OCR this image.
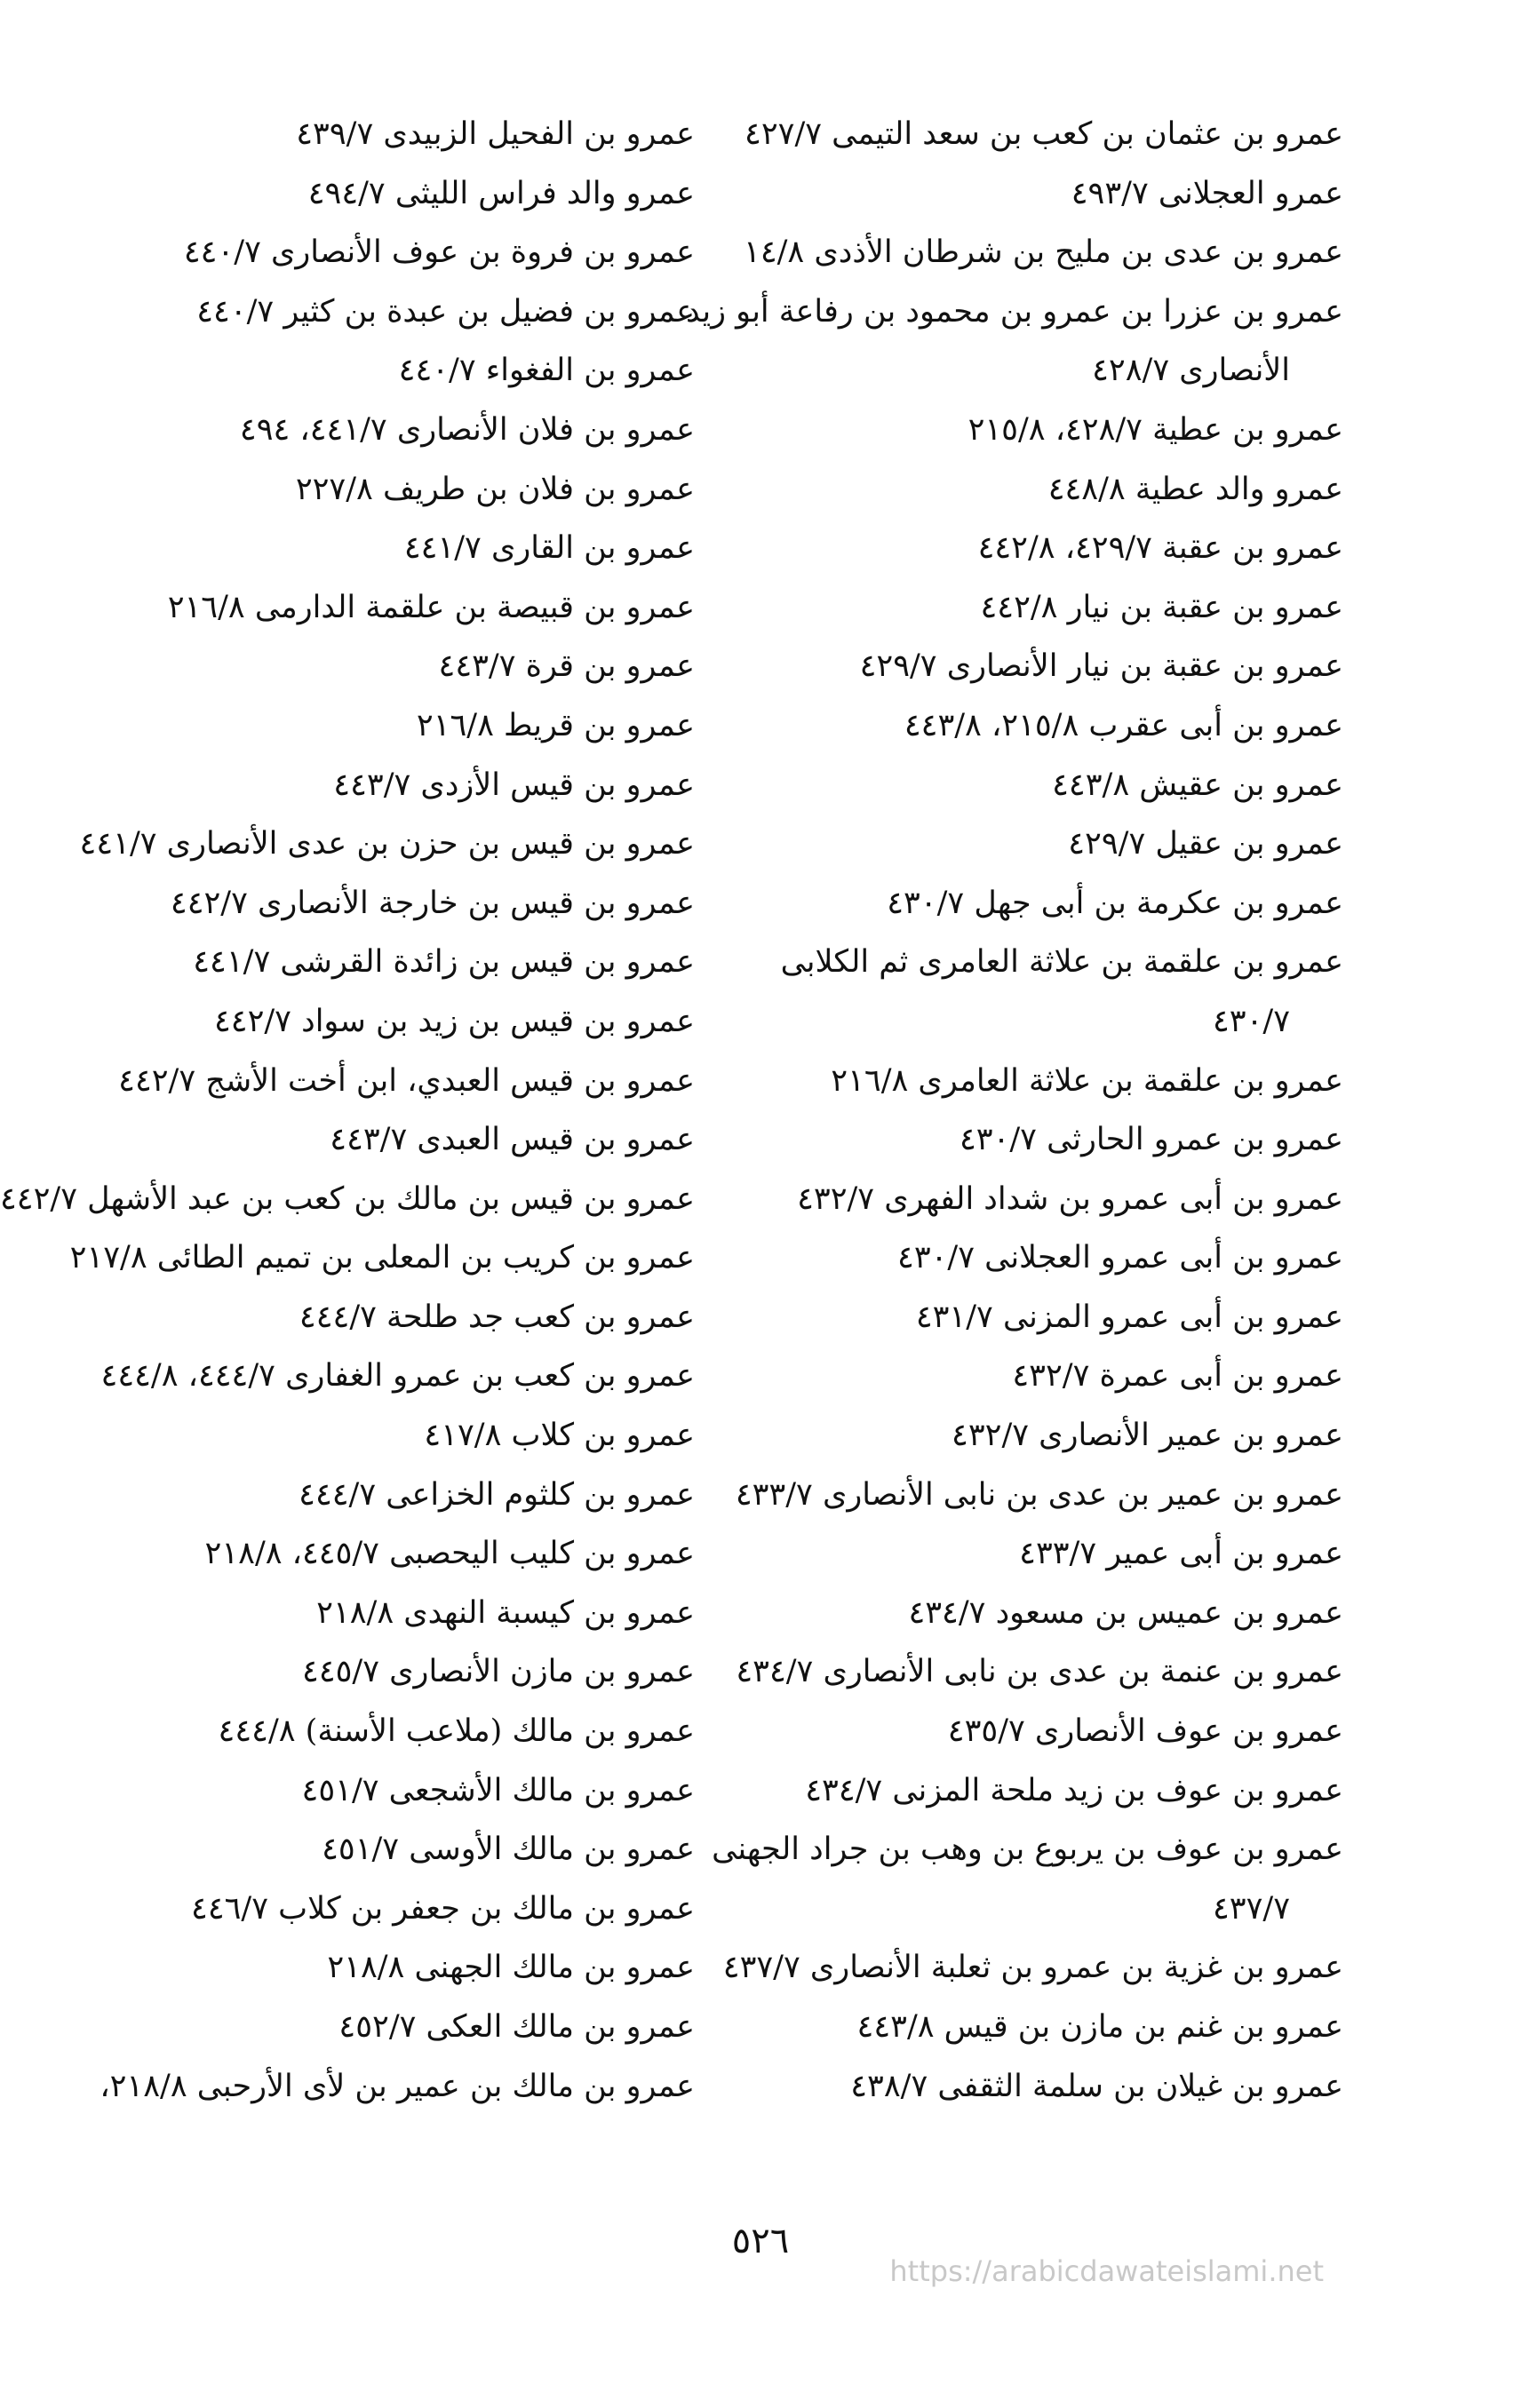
عمرو بن عثمان بن كعب بن سعد التيمى ٤٢٧/٧
عمرو العجلانى ٤٩٣/٧
عمرو بن عدى بن مليح بن شرطان الأذدى ١٤/٨
عمرو بن عزرا بن عمرو بن محمود بن رفاعة أبو زيد
الأنصارى ٤٢٨/٧
عمرو بن عطية ٤٢٨/٧، ٢١٥/٨
عمرو والد عطية ٤٤٨/٨
عمرو بن عقبة ٤٢٩/٧، ٤٤٢/٨
عمرو بن عقبة بن نيار ٤٤٢/٨
عمرو بن عقبة بن نيار الأنصارى ٤٢٩/٧
عمرو بن أبى عقرب ٢١٥/٨، ٤٤٣/٨
عمرو بن عقيش ٤٤٣/٨
عمرو بن عقيل ٤٢٩/٧
عمرو بن عكرمة بن أبى جهل ٤٣٠/٧
عمرو بن علقمة بن علاثة العامرى ثم الكلابى
٤٣٠/٧
عمرو بن علقمة بن علاثة العامرى ٢١٦/٨
عمرو بن عمرو الحارثى ٤٣٠/٧
عمرو بن أبى عمرو بن شداد الفهرى ٤٣٢/٧
عمرو بن أبى عمرو العجلانى ٤٣٠/٧
عمرو بن أبى عمرو المزنى ٤٣١/٧
عمرو بن أبى عمرة ٤٣٢/٧
عمرو بن عمير الأنصارى ٤٣٢/٧
عمرو بن عمير بن عدى بن نابى الأنصارى ٤٣٣/٧
عمرو بن أبى عمير ٤٣٣/٧
عمرو بن عميس بن مسعود ٤٣٤/٧
عمرو بن عنمة بن عدى بن نابى الأنصارى ٤٣٤/٧
عمرو بن عوف الأنصارى ٤٣٥/٧
عمرو بن عوف بن زيد ملحة المزنى ٤٣٤/٧
عمرو بن عوف بن يربوع بن وهب بن جراد الجهنى
٤٣٧/٧
عمرو بن غزية بن عمرو بن ثعلبة الأنصارى ٤٣٧/٧
عمرو بن غنم بن مازن بن قيس ٤٤٣/٨
عمرو بن غيلان بن سلمة الثقفى ٤٣٨/٧
عمرو بن الفحيل الزبيدى ٤٣٩/٧
عمرو والد فراس الليثى ٤٩٤/٧
عمرو بن فروة بن عوف الأنصارى ٤٤٠/٧
عمرو بن فضيل بن عبدة بن كثير ٤٤٠/٧
عمرو بن الفغواء ٤٤٠/٧
عمرو بن فلان الأنصارى ٤٤١/٧، ٤٩٤
عمرو بن فلان بن طريف ٢٢٧/٨
عمرو بن القارى ٤٤١/٧
عمرو بن قبيصة بن علقمة الدارمى ٢١٦/٨
عمرو بن قرة ٤٤٣/٧
عمرو بن قريط ٢١٦/٨
عمرو بن قيس الأزدى ٤٤٣/٧
عمرو بن قيس بن حزن بن عدى الأنصارى ٤٤١/٧
عمرو بن قيس بن خارجة الأنصارى ٤٤٢/٧
عمرو بن قيس بن زائدة القرشى ٤٤١/٧
عمرو بن قيس بن زيد بن سواد ٤٤٢/٧
عمرو بن قيس العبدي، ابن أخت الأشج ٤٤٢/٧
عمرو بن قيس العبدى ٤٤٣/٧
عمرو بن قيس بن مالك بن كعب بن عبد الأشهل ٤٤٢/٧
عمرو بن كريب بن المعلى بن تميم الطائى ٢١٧/٨
عمرو بن كعب جد طلحة ٤٤٤/٧
عمرو بن كعب بن عمرو الغفارى ٤٤٤/٧، ٤٤٤/٨
عمرو بن كلاب ٤١٧/٨
عمرو بن كلثوم الخزاعى ٤٤٤/٧
عمرو بن كليب اليحصبى ٤٤٥/٧، ٢١٨/٨
عمرو بن كيسبة النهدى ٢١٨/٨
عمرو بن مازن الأنصارى ٤٤٥/٧
عمرو بن مالك (ملاعب الأسنة) ٤٤٤/٨
عمرو بن مالك الأشجعى ٤٥١/٧
عمرو بن مالك الأوسى ٤٥١/٧
عمرو بن مالك بن جعفر بن كلاب ٤٤٦/٧
عمرو بن مالك الجهنى ٢١٨/٨
عمرو بن مالك العكى ٤٥٢/٧
عمرو بن مالك بن عمير بن لأى الأرحبى ٢١٨/٨،
٥٢٦
https://arabicdawateislami.net
